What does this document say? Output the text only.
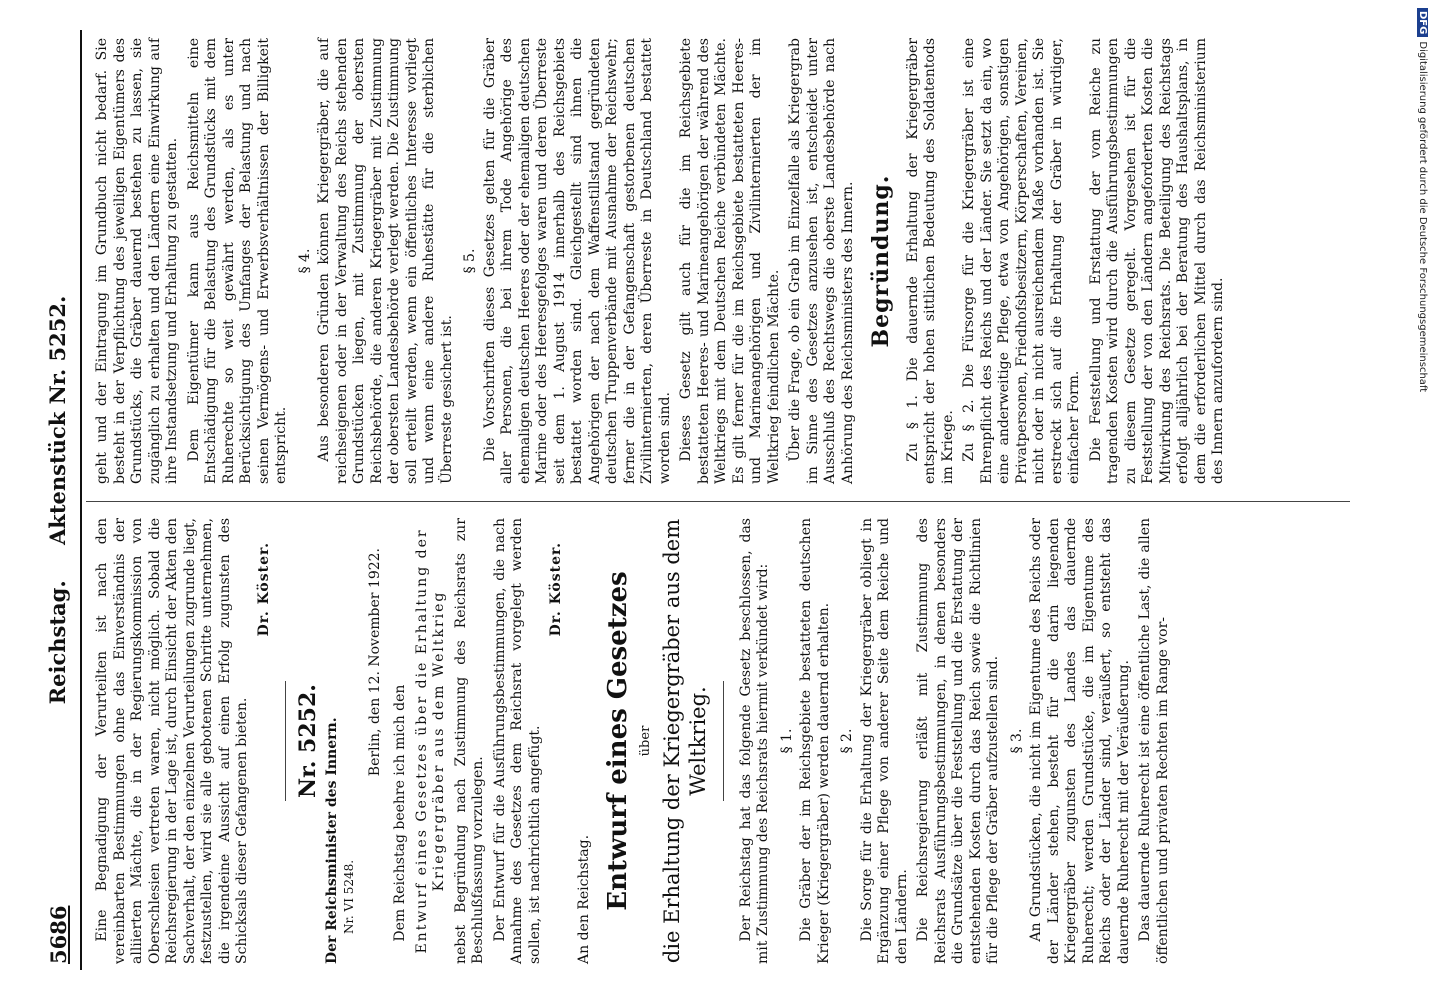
5686
Reichstag. Aktenstück Nr. 5252.

Eine Begnadigung der Verurteilten ist nach den vereinbarten Bestimmungen ohne das Einverständnis der alliierten Mächte, die in der Regierungskommission von Oberschlesien vertreten waren, nicht möglich. Sobald die Reichsregierung in der Lage ist, durch Einsicht der Akten den Sachverhalt, der den einzelnen Verurteilungen zugrunde liegt, festzustellen, wird sie alle gebotenen Schritte unternehmen, die irgendeine Aussicht auf einen Erfolg zugunsten des Schicksals dieser Gefangenen bieten.

Dr. Köster.

Nr. 5252. Der Reichsminister des Innern. Nr. VI 5248.
Berlin, den 12. November 1922.

Dem Reichstag beehre ich mich den Entwurf eines Gesetzes über die Erhaltung der Kriegergräber aus dem Weltkrieg nebst Begründung nach Zustimmung des Reichsrats zur Beschlußfassung vorzulegen. Der Entwurf für die Ausführungsbestimmungen, die nach Annahme des Gesetzes dem Reichsrat vorgelegt werden sollen, ist nachrichtlich angefügt.

Dr. Köster.

An den Reichstag. Entwurf eines Gesetzes über die Erhaltung der Kriegergräber aus dem Weltkrieg. Der Reichstag hat das folgende Gesetz beschlossen, das mit Zustimmung des Reichsrats hiermit verkündet wird: § 1. Die Gräber der im Reichsgebiete bestatteten deutschen Krieger (Kriegergräber) werden dauernd erhalten. § 2. Die Sorge für die Erhaltung der Kriegergräber obliegt in Ergänzung einer Pflege von anderer Seite dem Reiche und den Ländern. Die Reichsregierung erläßt mit Zustimmung des Reichsrats Ausführungsbestimmungen, in denen besonders die Grundsätze über die Feststellung und die Erstattung der entstehenden Kosten durch das Reich sowie die Richtlinien für die Pflege der Gräber aufzustellen sind. § 3. An Grundstücken, die nicht im Eigentume des Reichs oder der Länder stehen, besteht für die darin liegenden Kriegergräber zugunsten des Landes das dauernde Ruherecht; werden Grundstücke, die im Eigentume des Reichs oder der Länder sind, veräußert, so entsteht das dauernde Ruherecht mit der Veräußerung. Das dauernde Ruherecht ist eine öffentliche Last, die allen öffentlichen und privaten Rechten im Range vor-

geht und der Eintragung im Grundbuch nicht bedarf. Sie besteht in der Verpflichtung des jeweiligen Eigentümers des Grundstücks, die Gräber dauernd bestehen zu lassen, sie zugänglich zu erhalten und den Ländern eine Einwirkung auf ihre Instandsetzung und Erhaltung zu gestatten. Dem Eigentümer kann aus Reichsmitteln eine Entschädigung für die Belastung des Grundstücks mit dem Ruherechte so weit gewährt werden, als es unter Berücksichtigung des Umfanges der Belastung und nach seinen Vermögens- und Erwerbsverhältnissen der Billigkeit entspricht.

§ 4. Aus besonderen Gründen können Kriegergräber, die auf reichseigenen oder in der Verwaltung des Reichs stehenden Grundstücken liegen, mit Zustimmung der obersten Reichsbehörde, die anderen Kriegergräber mit Zustimmung der obersten Landesbehörde verlegt werden. Die Zustimmung soll erteilt werden, wenn ein öffentliches Interesse vorliegt und wenn eine andere Ruhestätte für die sterblichen Überreste gesichert ist.

§ 5. Die Vorschriften dieses Gesetzes gelten für die Gräber aller Personen, die bei ihrem Tode Angehörige des ehemaligen deutschen Heeres oder der ehemaligen deutschen Marine oder des Heeresgefolges waren und deren Überreste seit dem 1. August 1914 innerhalb des Reichsgebiets bestattet worden sind. Gleichgestellt sind ihnen die Angehörigen der nach dem Waffenstillstand gegründeten deutschen Truppenverbände mit Ausnahme der Reichswehr; ferner die in der Gefangenschaft gestorbenen deutschen Zivilinternierten, deren Überreste in Deutschland bestattet worden sind. Dieses Gesetz gilt auch für die im Reichsgebiete bestatteten Heeres- und Marineangehörigen der während des Weltkriegs mit dem Deutschen Reiche verbündeten Mächte. Es gilt ferner für die im Reichsgebiete bestatteten Heeres- und Marineangehörigen und Zivilinternierten der im Weltkrieg feindlichen Mächte. Über die Frage, ob ein Grab im Einzelfalle als Kriegergrab im Sinne des Gesetzes anzusehen ist, entscheidet unter Ausschluß des Rechtswegs die oberste Landesbehörde nach Anhörung des Reichsministers des Innern. Begründung. Zu § 1. Die dauernde Erhaltung der Kriegergräber entspricht der hohen sittlichen Bedeutung des Soldatentods im Kriege. Zu § 2. Die Fürsorge für die Kriegergräber ist eine Ehrenpflicht des Reichs und der Länder. Sie setzt da ein, wo eine anderweitige Pflege, etwa von Angehörigen, sonstigen Privatpersonen, Friedhofsbesitzern, Körperschaften, Vereinen, nicht oder in nicht ausreichendem Maße vorhanden ist. Sie erstreckt sich auf die Erhaltung der Gräber in würdiger, einfacher Form. Die Feststellung und Erstattung der vom Reiche zu tragenden Kosten wird durch die Ausführungsbestimmungen zu diesem Gesetze geregelt. Vorgesehen ist für die Feststellung der von den Ländern angeforderten Kosten die Mitwirkung des Reichsrats. Die Beteiligung des Reichstags erfolgt alljährlich bei der Beratung des Haushaltsplans, in dem die erforderlichen Mittel durch das Reichsministerium des Innern anzufordern sind.

DFGDigitalisierung gefördert durch die Deutsche Forschungsgemeinschaft
